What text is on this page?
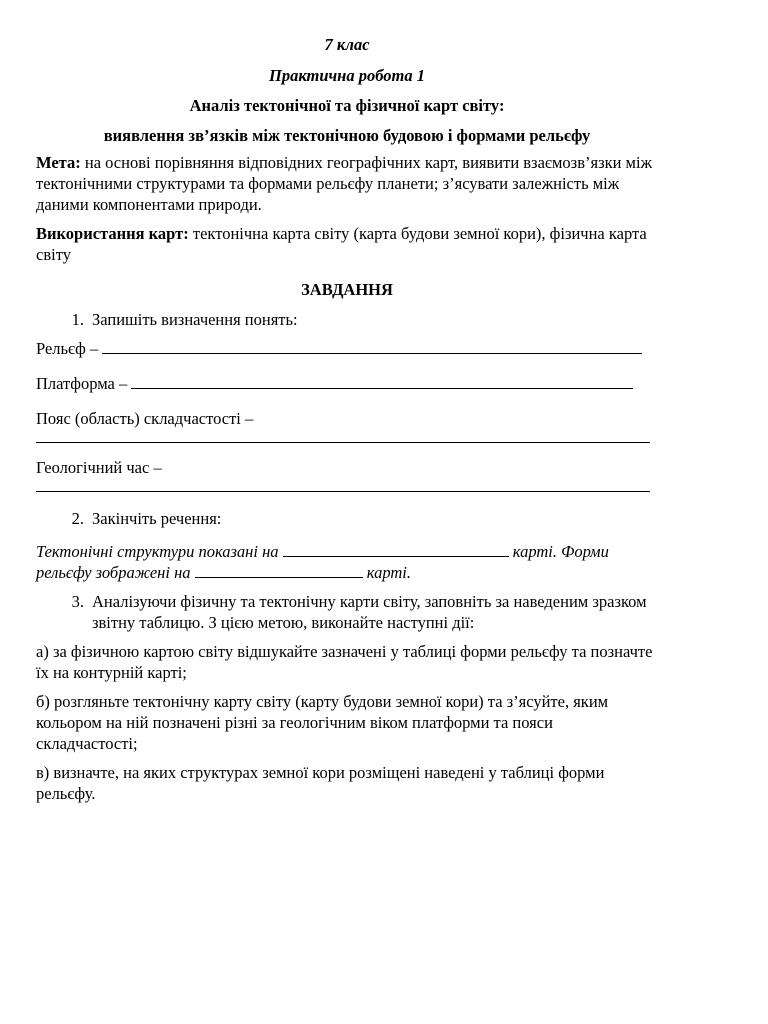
7 клас

Практична робота 1

Аналіз тектонічної та фізичної карт світу:

виявлення зв’язків між тектонічною будовою і формами рельєфу

Мета: на основі порівняння відповідних географічних карт, виявити взаємозв’язки між тектонічними структурами та формами рельєфу планети; з’ясувати залежність між даними компонентами природи.

Використання карт: тектонічна карта світу (карта будови земної кори), фізична карта світу

ЗАВДАННЯ

1. Запишіть визначення понять:
Рельєф –
Платформа –
Пояс (область) складчастості –
Геологічний час –
2. Закінчіть речення:
Тектонічні структури показані на	карті. Форми
рельєфу зображені на	карті.
3. Аналізуючи фізичну та тектонічну карти світу, заповніть за наведеним зразком звітну таблицю. З цією метою, виконайте наступні дії:

а) за фізичною картою світу відшукайте зазначені у таблиці форми рельєфу та позначте їх на контурній карті;

б) розгляньте тектонічну карту світу (карту будови земної кори) та з’ясуйте, яким кольором на ній позначені різні за геологічним віком платформи та пояси складчастості;

в) визначте, на яких структурах земної кори розміщені наведені у таблиці форми рельєфу.
